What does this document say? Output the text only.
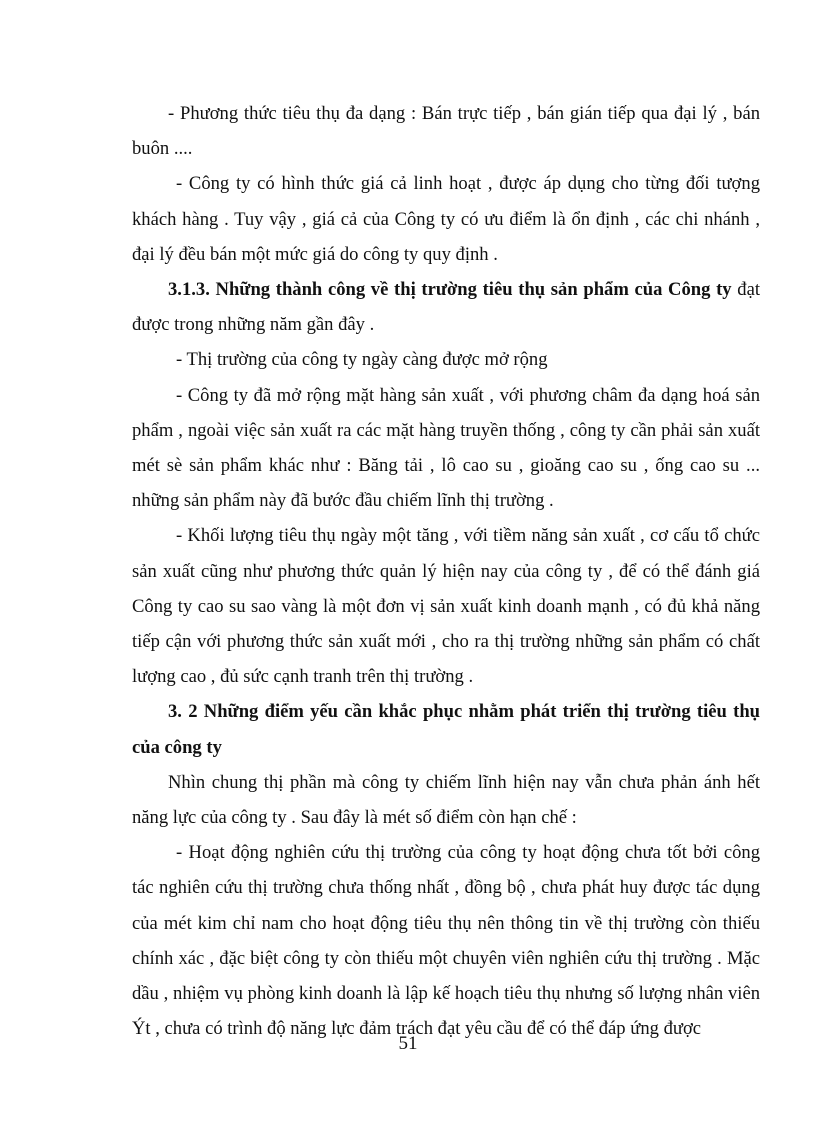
- Phương thức tiêu thụ đa dạng : Bán trực tiếp , bán gián tiếp qua đại lý , bán buôn ....

- Công ty có hình thức giá cả linh hoạt , được áp dụng cho từng đối tượng khách hàng . Tuy vậy , giá cả của Công ty có ưu điểm là ổn định , các chi nhánh , đại lý đều bán một mức giá do công ty quy định .

3.1.3. Những thành công về thị trường tiêu thụ sản phẩm của Công ty đạt được trong những năm gần đây .

- Thị trường của công ty ngày càng được mở rộng

- Công ty đã mở rộng mặt hàng sản xuất , với phương châm đa dạng hoá sản phẩm , ngoài việc sản xuất ra các mặt hàng truyền thống , công ty cần phải sản xuất mét sè sản phẩm khác như : Băng tải , lô cao su , gioăng cao su , ống cao su ... những sản phẩm này đã bước đầu chiếm lĩnh thị trường .

- Khối lượng tiêu thụ ngày một tăng , với tiềm năng sản xuất , cơ cấu tổ chức sản xuất cũng như phương thức quản lý hiện nay của công ty , để có thể đánh giá Công ty cao su sao vàng là một đơn vị sản xuất kinh doanh mạnh , có đủ khả năng tiếp cận với phương thức sản xuất mới , cho ra thị trường những sản phẩm có chất lượng cao , đủ sức cạnh tranh trên thị trường .

3. 2 Những điểm yếu cần khắc phục nhằm phát triển thị trường tiêu thụ của công ty

Nhìn chung thị phần mà công ty chiếm lĩnh hiện nay vẫn chưa phản ánh hết năng lực của công ty . Sau đây là mét số điểm còn hạn chế :

- Hoạt động nghiên cứu thị trường của công ty hoạt động chưa tốt bởi công tác nghiên cứu thị trường chưa thống nhất , đồng bộ , chưa phát huy được tác dụng của mét kim chỉ nam cho hoạt động tiêu thụ nên thông tin về thị trường còn thiếu chính xác , đặc biệt công ty còn thiếu một chuyên viên nghiên cứu thị trường . Mặc dầu , nhiệm vụ phòng kinh doanh là lập kế hoạch tiêu thụ nhưng số lượng nhân viên Ýt , chưa có trình độ năng lực đảm trách đạt yêu cầu để có thể đáp ứng được

51
